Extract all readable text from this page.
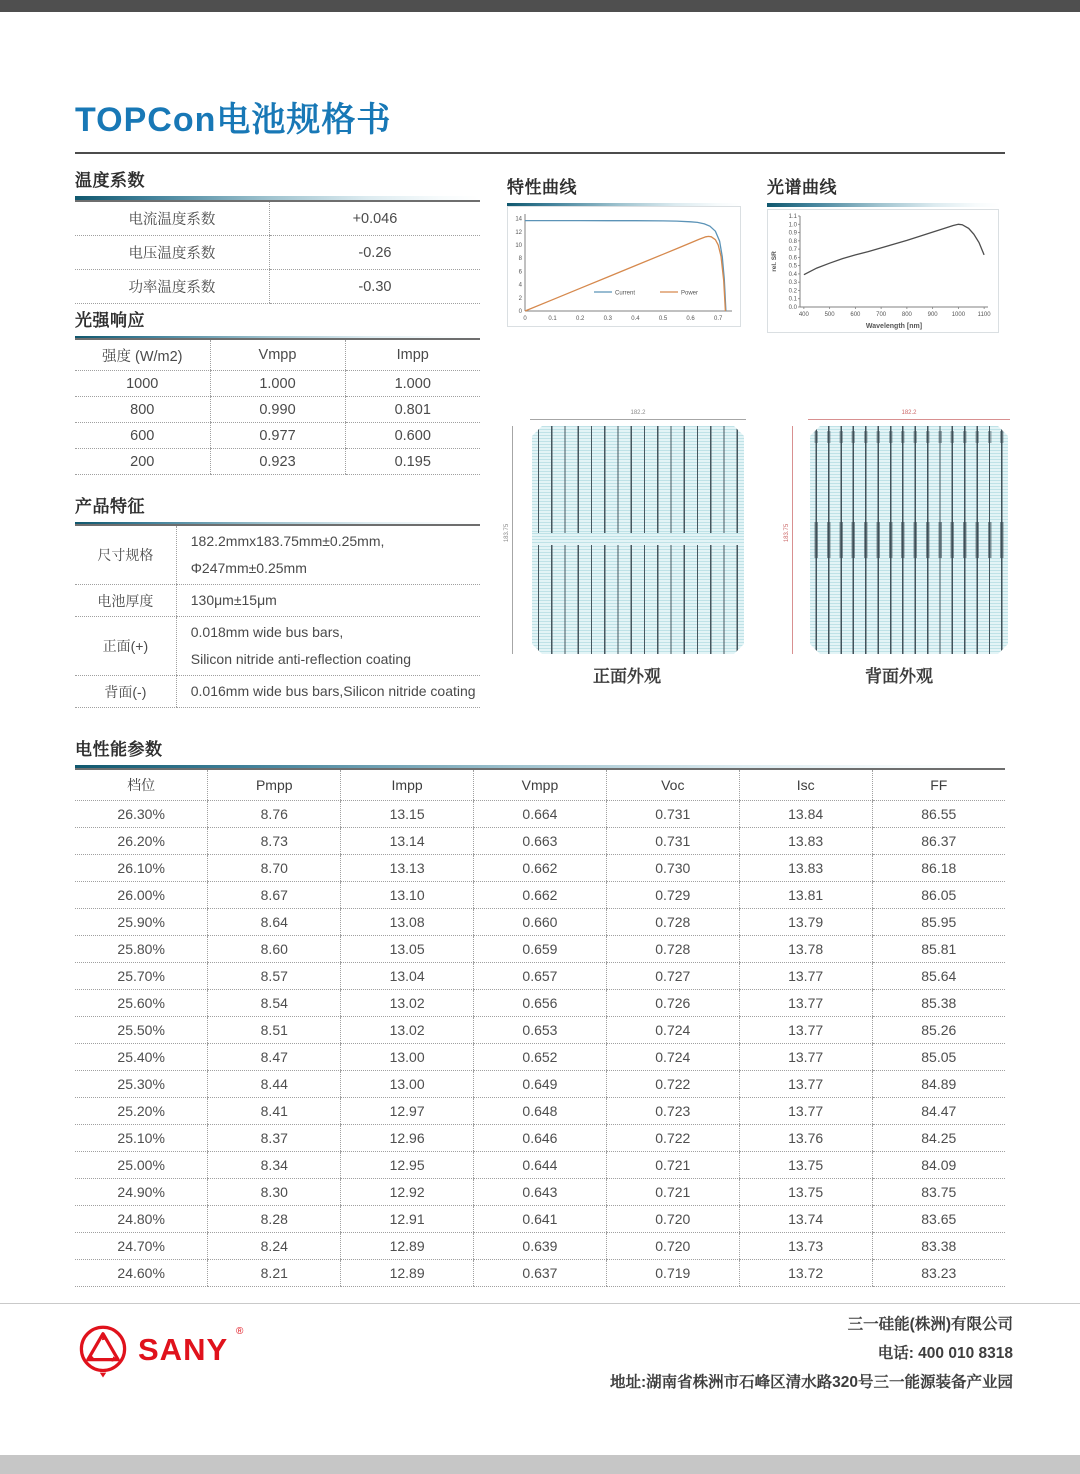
TOPCon电池规格书
温度系数
电流温度系数	+0.046
电压温度系数	-0.26
功率温度系数	-0.30
光强响应
强度 (W/m2)	Vmpp	Impp
1000	1.000	1.000
800	0.990	0.801
600	0.977	0.600
200	0.923	0.195
产品特征
尺寸规格	182.2mmx183.75mm±0.25mm,
Φ247mm±0.25mm

电池厚度	130μm±15μm

正面(+)	0.018mm wide bus bars,
Silicon nitride anti-reflection coating

背面(-)	0.016mm wide bus bars,Silicon nitride coating
特性曲线
0
2
4
6
8
10
12
14
0	0.1	0.2	0.3	0.4	0.5	0.6	0.7
Current	Power
光谱曲线
0.0
0.1
0.2
0.3
0.4
0.5
0.6
0.7
0.8
0.9
1.0
1.1
400	500	600	700	800	900 1000 1100
rel. SR
Wavelength [nm]
182.2
183.75
正面外观
182.2
183.75
背面外观
电性能参数
档位	Pmpp	Impp	Vmpp	Voc	Isc	FF
26.30%	8.76	13.15	0.664	0.731	13.84	86.55
26.20%	8.73	13.14	0.663	0.731	13.83	86.37
26.10%	8.70	13.13	0.662	0.730	13.83	86.18
26.00%	8.67	13.10	0.662	0.729	13.81	86.05
25.90%	8.64	13.08	0.660	0.728	13.79	85.95
25.80%	8.60	13.05	0.659	0.728	13.78	85.81
25.70%	8.57	13.04	0.657	0.727	13.77	85.64
25.60%	8.54	13.02	0.656	0.726	13.77	85.38
25.50%	8.51	13.02	0.653	0.724	13.77	85.26
25.40%	8.47	13.00	0.652	0.724	13.77	85.05
25.30%	8.44	13.00	0.649	0.722	13.77	84.89
25.20%	8.41	12.97	0.648	0.723	13.77	84.47
25.10%	8.37	12.96	0.646	0.722	13.76	84.25
25.00%	8.34	12.95	0.644	0.721	13.75	84.09
24.90%	8.30	12.92	0.643	0.721	13.75	83.75
24.80%	8.28	12.91	0.641	0.720	13.74	83.65
24.70%	8.24	12.89	0.639	0.720	13.73	83.38
24.60%	8.21	12.89	0.637	0.719	13.72	83.23
SANY
®	三一硅能(株洲)有限公司
电话: 400 010 8318
地址:湖南省株洲市石峰区清水路320号三一能源装备产业园
